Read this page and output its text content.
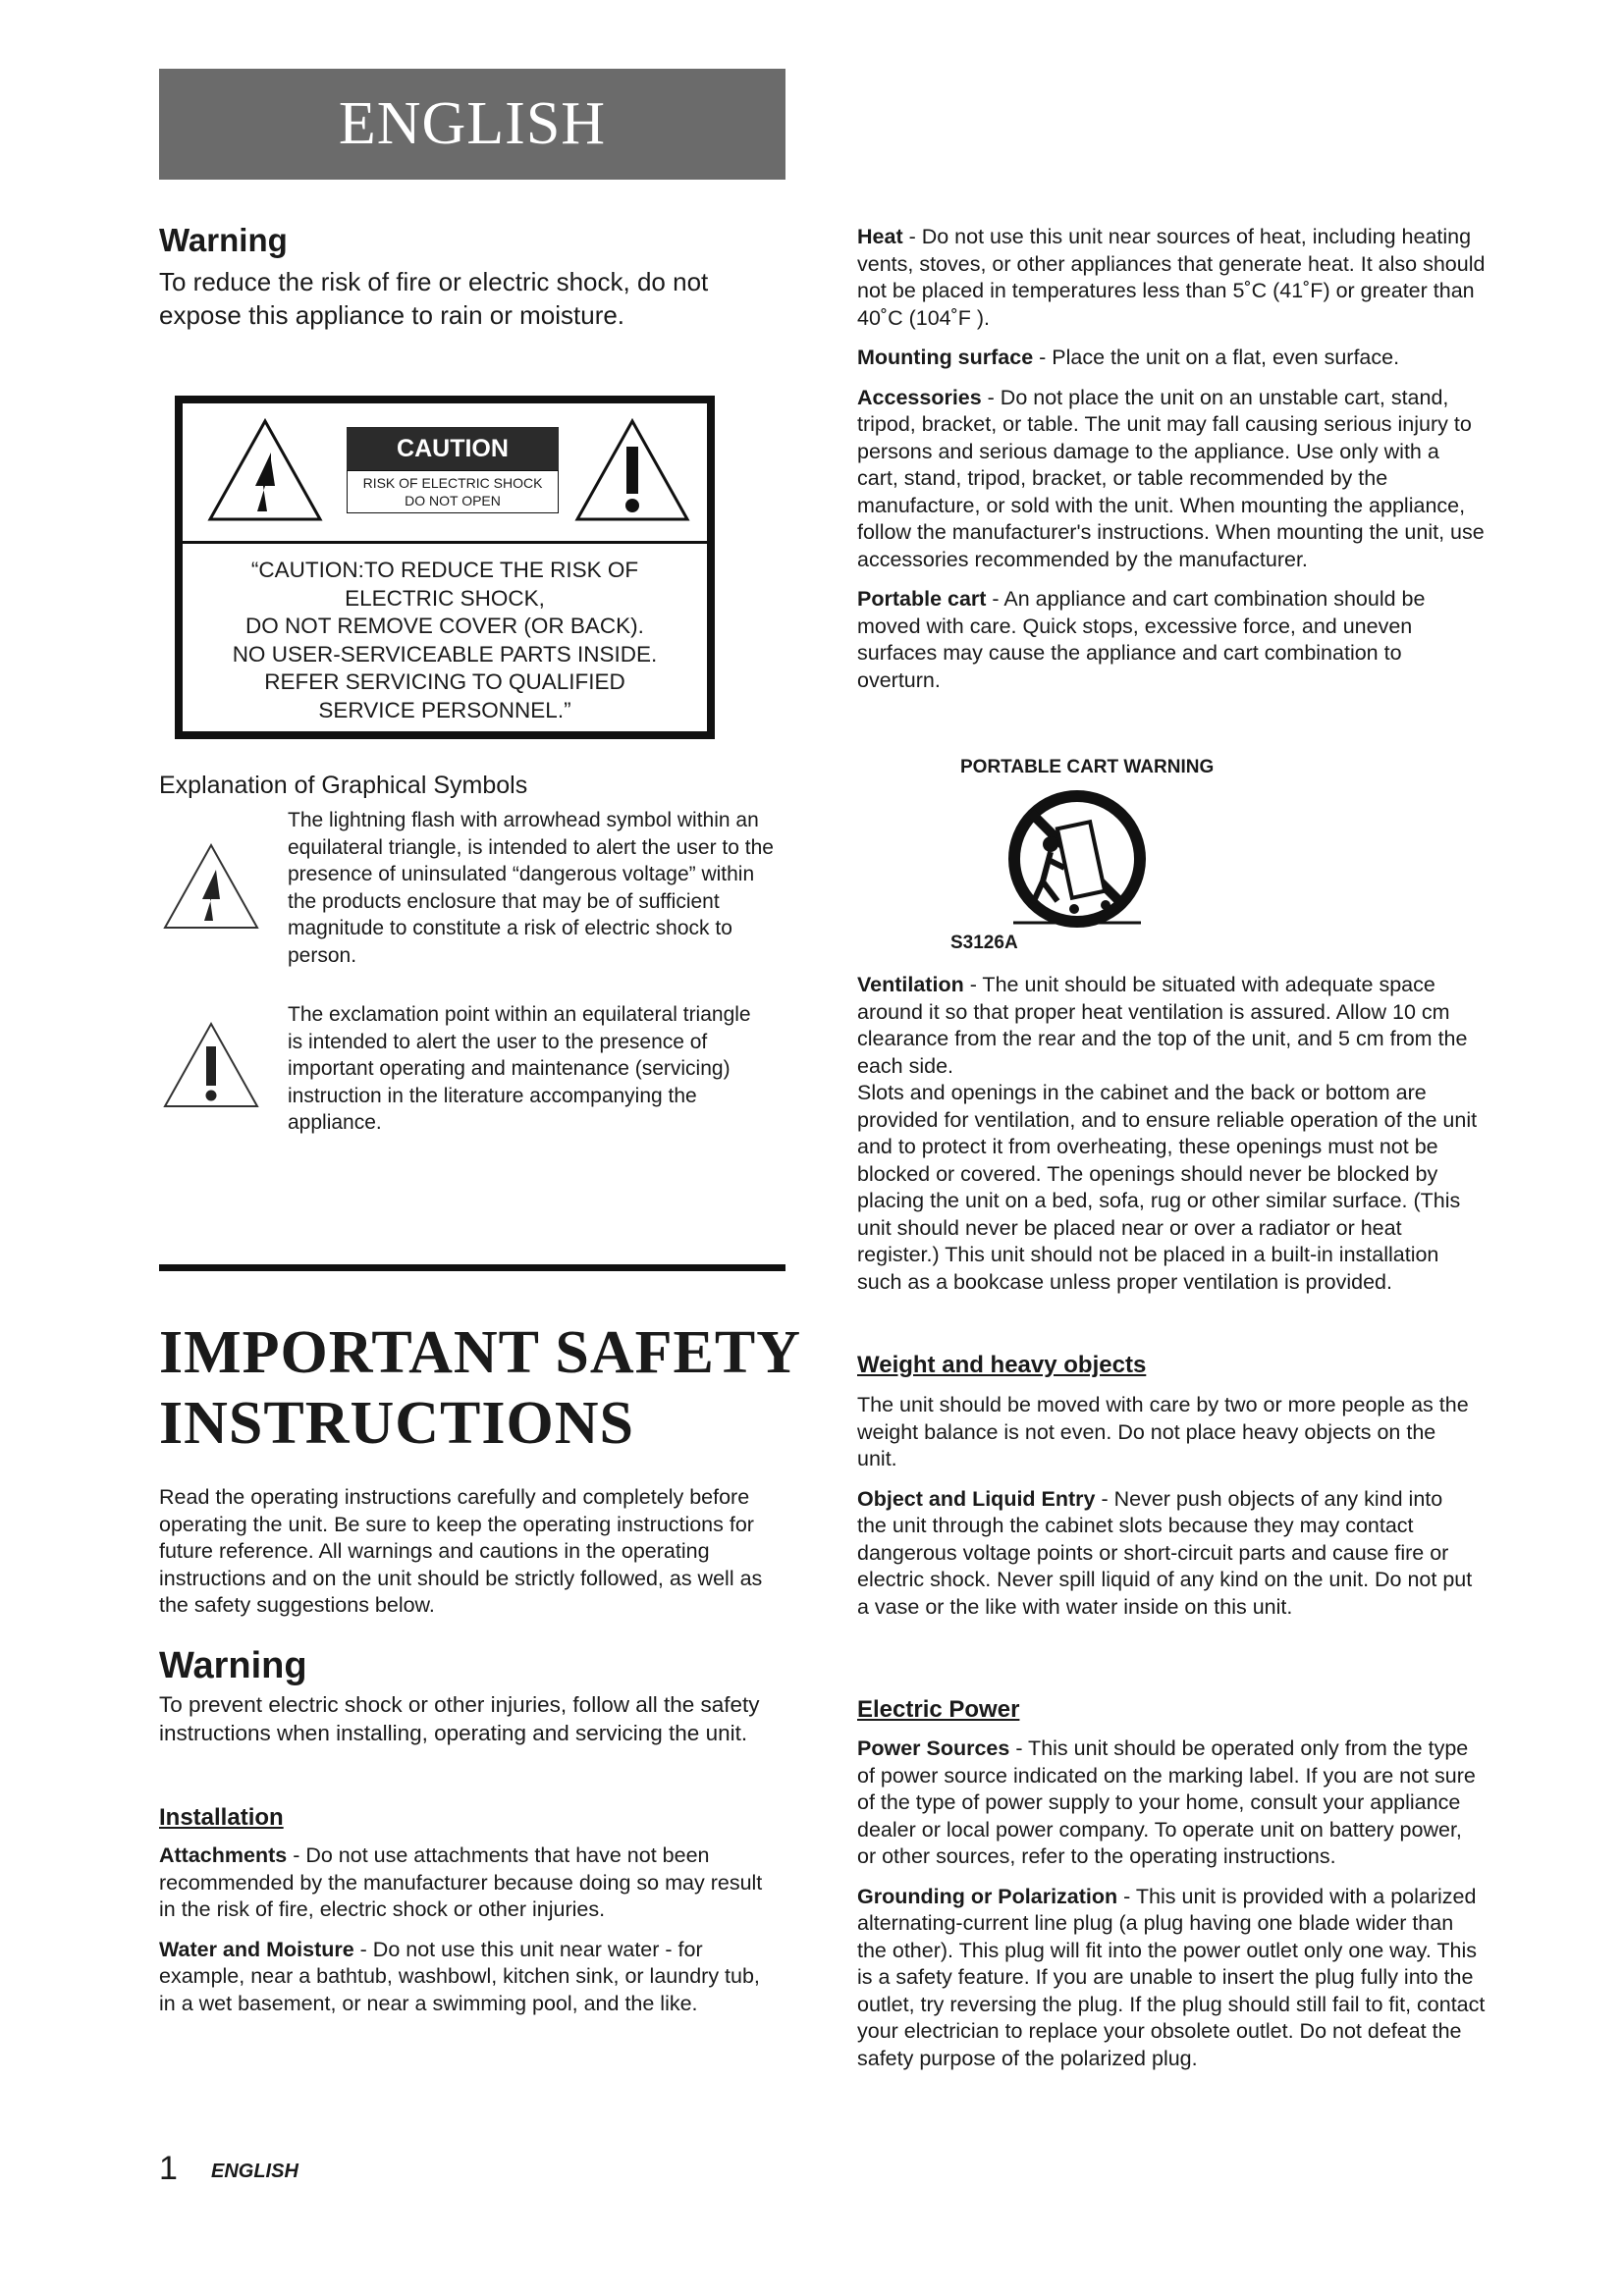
ENGLISH
Warning
To reduce the risk of fire or electric shock, do not expose this appliance to rain or moisture.
CAUTION
RISK OF ELECTRIC SHOCK
DO NOT OPEN
“CAUTION:TO REDUCE THE RISK OF
ELECTRIC SHOCK,
DO NOT REMOVE COVER (OR BACK).
NO USER-SERVICEABLE PARTS INSIDE.
REFER SERVICING TO QUALIFIED
SERVICE PERSONNEL.”
Explanation of Graphical Symbols
The lightning flash with arrowhead symbol within an equilateral triangle, is intended to alert the user to the presence of uninsulated “dangerous voltage” within the products enclosure that may be of sufficient magnitude to constitute a risk of electric shock to person.
The exclamation point within an equilateral triangle is intended to alert the user to the presence of important operating and maintenance (servicing) instruction in the literature accompanying the appliance.
IMPORTANT SAFETY
INSTRUCTIONS
Read the operating instructions carefully and completely before operating the unit. Be sure to keep the operating instructions for future reference. All warnings and cautions in the operating instructions and on the unit should be strictly followed, as well as the safety suggestions below.
Warning
To prevent electric shock or other injuries, follow all the safety instructions when installing, operating and servicing the unit.
Installation

Attachments - Do not use attachments that have not been recommended by the manufacturer because doing so may result in the risk of fire, electric shock or other injuries.

Water and Moisture - Do not use this unit near water - for example, near a bathtub, washbowl, kitchen sink, or laundry tub, in a wet basement, or near a swimming pool, and the like.

Heat - Do not use this unit near sources of heat, including heating vents, stoves, or other appliances that generate heat. It also should not be placed in temperatures less than 5˚C (41˚F) or greater than 40˚C (104˚F ).

Mounting surface - Place the unit on a flat, even surface.

Accessories - Do not place the unit on an unstable cart, stand, tripod, bracket, or table. The unit may fall causing serious injury to persons and serious damage to the appliance. Use only with a cart, stand, tripod, bracket, or table recommended by the manufacture, or sold with the unit. When mounting the appliance, follow the manufacturer's instructions. When mounting the unit, use accessories recommended by the manufacturer.

Portable cart - An appliance and cart combination should be moved with care. Quick stops, excessive force, and uneven surfaces may cause the appliance and cart combination to overturn.

PORTABLE CART WARNING
S3126A
Ventilation - The unit should be situated with adequate space around it so that proper heat ventilation is assured. Allow 10 cm clearance from the rear and the top of the unit, and 5 cm from the each side.
Slots and openings in the cabinet and the back or bottom are provided for ventilation, and to ensure reliable operation of the unit and to protect it from overheating, these openings must not be blocked or covered. The openings should never be blocked by placing the unit on a bed, sofa, rug or other similar surface. (This unit should never be placed near or over a radiator or heat register.) This unit should not be placed in a built-in installation such as a bookcase unless proper ventilation is provided.
Weight and heavy objects

The unit should be moved with care by two or more people as the weight balance is not even. Do not place heavy objects on the unit.

Object and Liquid Entry - Never push objects of any kind into the unit through the cabinet slots because they may contact dangerous voltage points or short-circuit parts and cause fire or electric shock. Never spill liquid of any kind on the unit. Do not put a vase or the like with water inside on this unit.

Electric Power

Power Sources - This unit should be operated only from the type of power source indicated on the marking label. If you are not sure of the type of power supply to your home, consult your appliance dealer or local power company. To operate unit on battery power, or other sources, refer to the operating instructions.

Grounding or Polarization - This unit is provided with a polarized alternating-current line plug (a plug having one blade wider than the other). This plug will fit into the power outlet only one way. This is a safety feature. If you are unable to insert the plug fully into the outlet, try reversing the plug. If the plug should still fail to fit, contact your electrician to replace your obsolete outlet. Do not defeat the safety purpose of the polarized plug.

1 ENGLISH
